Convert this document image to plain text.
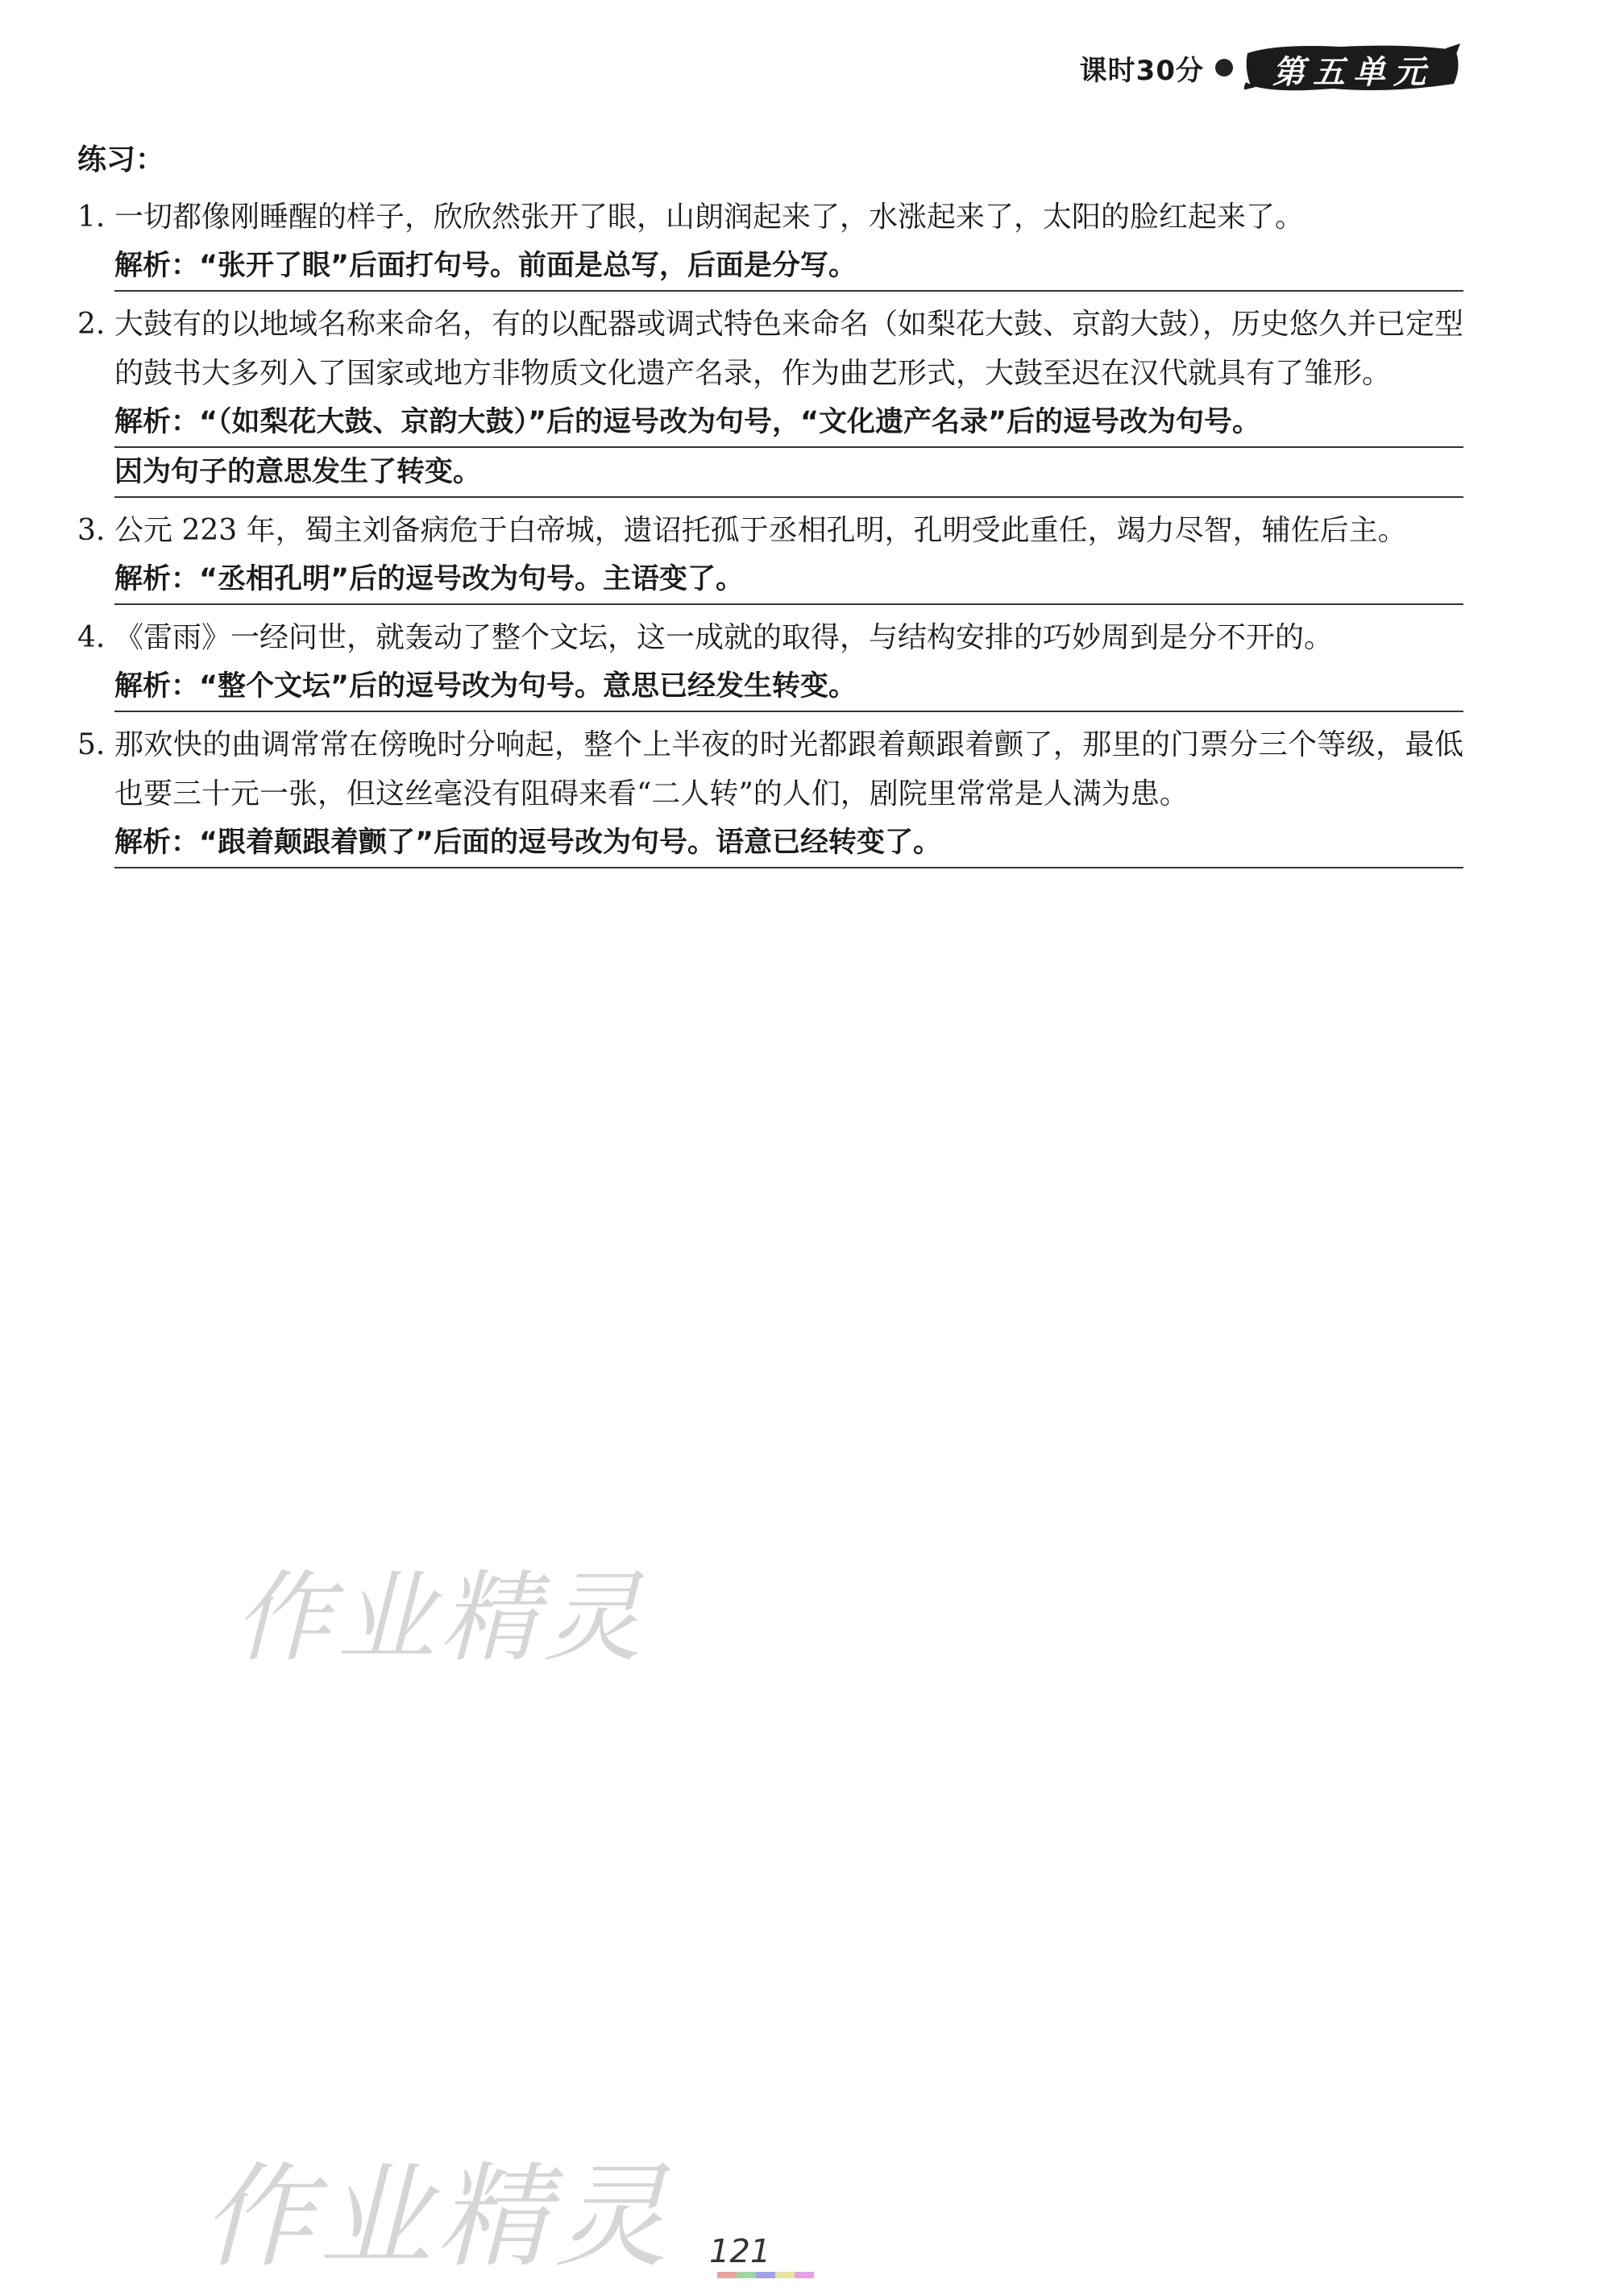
课时30分	第五单元
练习：
1. 一切都像刚睡醒的样子，欣欣然张开了眼，山朗润起来了，水涨起来了，太阳的脸红起来了。
解析：“张开了眼”后面打句号。前面是总写，后面是分写。
2. 大鼓有的以地域名称来命名，有的以配器或调式特色来命名（如梨花大鼓、京韵大鼓），历史悠久并已定型的鼓书大多列入了国家或地方非物质文化遗产名录，作为曲艺形式，大鼓至迟在汉代就具有了雏形。
解析：“（如梨花大鼓、京韵大鼓）”后的逗号改为句号，“文化遗产名录”后的逗号改为句号。
因为句子的意思发生了转变。
3. 公元 223 年，蜀主刘备病危于白帝城，遗诏托孤于丞相孔明，孔明受此重任，竭力尽智，辅佐后主。
解析：“丞相孔明”后的逗号改为句号。主语变了。
4. 《雷雨》一经问世，就轰动了整个文坛，这一成就的取得，与结构安排的巧妙周到是分不开的。
解析：“整个文坛”后的逗号改为句号。意思已经发生转变。
5. 那欢快的曲调常常在傍晚时分响起，整个上半夜的时光都跟着颠跟着颤了，那里的门票分三个等级，最低也要三十元一张，但这丝毫没有阻碍来看“二人转”的人们，剧院里常常是人满为患。
解析：“跟着颠跟着颤了”后面的逗号改为句号。语意已经转变了。
作业精灵
作业精灵 121
